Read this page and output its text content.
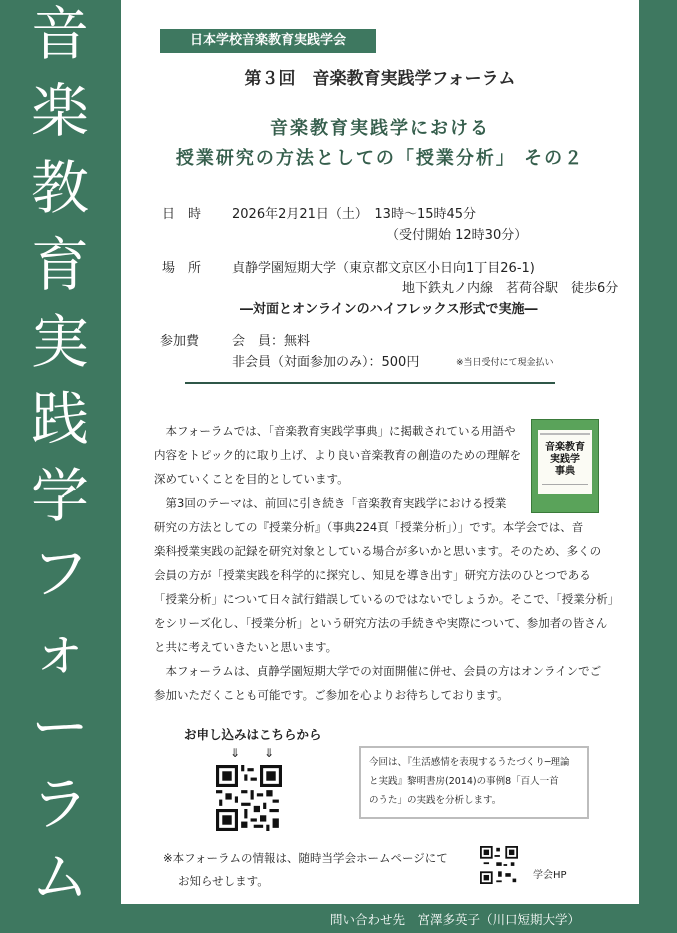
音
楽
教
育
実
践
学
フ
ォ
ー
ラ
ム
日本学校音楽教育実践学会
第３回　音楽教育実践学フォーラム
音楽教育実践学における
授業研究の方法としての「授業分析」 その２
日　時 2026年2月21日（土）　13時～15時45分
（受付開始 12時30分）
場　所 貞静学園短期大学（東京都文京区小日向1丁目26-1)
地下鉄丸ノ内線　茗荷谷駅　徒歩6分
―対面とオンラインのハイフレックス形式で実施―
参加費	会　員：無料
非会員（対面参加のみ）：500円	※当日受付にて現金払い
　本フォーラムでは、「音楽教育実践学事典」に掲載されている用語や
内容をトピック的に取り上げ、より良い音楽教育の創造のための理解を
深めていくことを目的としています。
　第3回のテーマは、前回に引き続き「音楽教育実践学における授業
研究の方法としての『授業分析』（事典224頁「授業分析」）」です。本学会では、音
楽科授業実践の記録を研究対象としている場合が多いかと思います。そのため、多くの
会員の方が「授業実践を科学的に探究し、知見を導き出す」研究方法のひとつである
「授業分析」について日々試行錯誤しているのではないでしょうか。そこで、「授業分析」
をシリーズ化し、「授業分析」という研究方法の手続きや実際について、参加者の皆さん
と共に考えていきたいと思います。
　本フォーラムは、貞静学園短期大学での対面開催に併せ、会員の方はオンラインでご
参加いただくことも可能です。ご参加を心よりお待ちしております。
音楽教育
実践学
事典
お申し込みはこちらから
⇓　　⇓
今回は、『生活感情を表現するうたづくり─理論
と実践』黎明書房(2014)の事例8「百人一首
のうた」の実践を分析します。
※本フォーラムの情報は、随時当学会ホームページにて
お知らせします。	学会HP
問い合わせ先　宮澤多英子（川口短期大学）
